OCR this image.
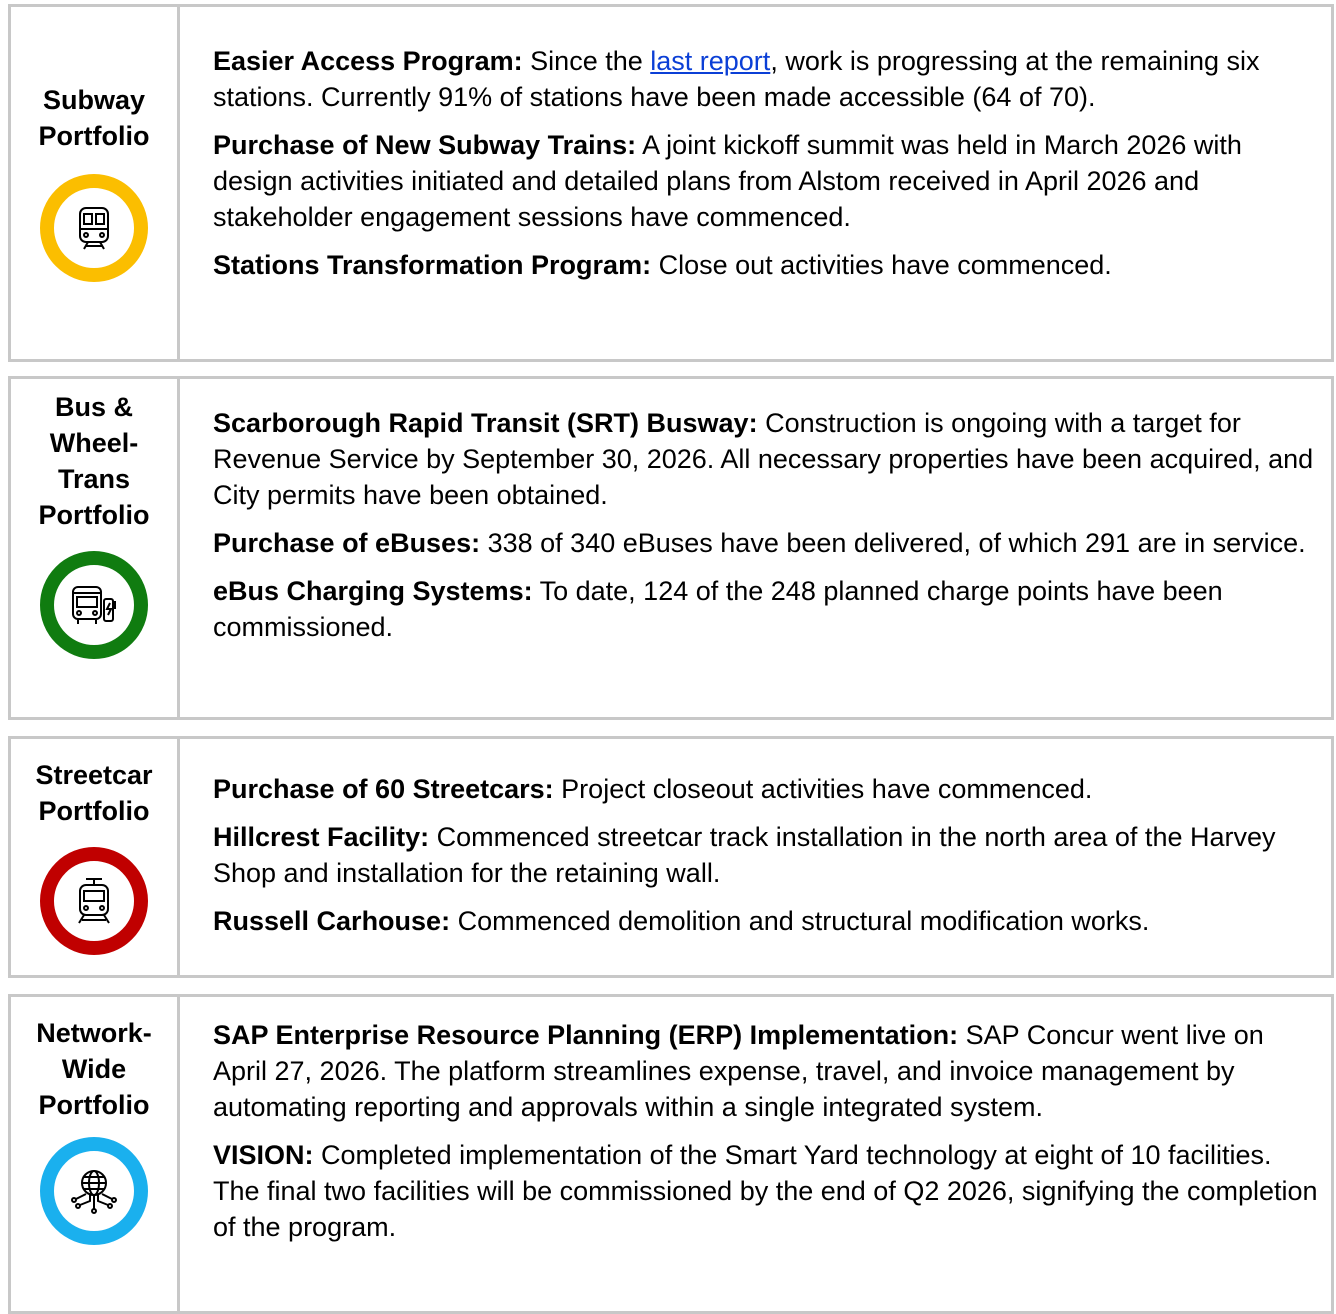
Subway
Portfolio

Easier Access Program: Since the last report, work is progressing at the remaining six stations. Currently 91% of stations have been made accessible (64 of 70).

Purchase of New Subway Trains: A joint kickoff summit was held in March 2026 with design activities initiated and detailed plans from Alstom received in April 2026 and stakeholder engagement sessions have commenced.

Stations Transformation Program: Close out activities have commenced.

Bus &
Wheel-
Trans
Portfolio

Scarborough Rapid Transit (SRT) Busway: Construction is ongoing with a target for Revenue Service by September 30, 2026. All necessary properties have been acquired, and City permits have been obtained.

Purchase of eBuses: 338 of 340 eBuses have been delivered, of which 291 are in service.

eBus Charging Systems: To date, 124 of the 248 planned charge points have been commissioned.

Streetcar
Portfolio

Purchase of 60 Streetcars: Project closeout activities have commenced.

Hillcrest Facility: Commenced streetcar track installation in the north area of the Harvey Shop and installation for the retaining wall.

Russell Carhouse: Commenced demolition and structural modification works.

Network-
Wide
Portfolio

SAP Enterprise Resource Planning (ERP) Implementation: SAP Concur went live on April 27, 2026. The platform streamlines expense, travel, and invoice management by automating reporting and approvals within a single integrated system.

VISION: Completed implementation of the Smart Yard technology at eight of 10 facilities. The final two facilities will be commissioned by the end of Q2 2026, signifying the completion of the program.
